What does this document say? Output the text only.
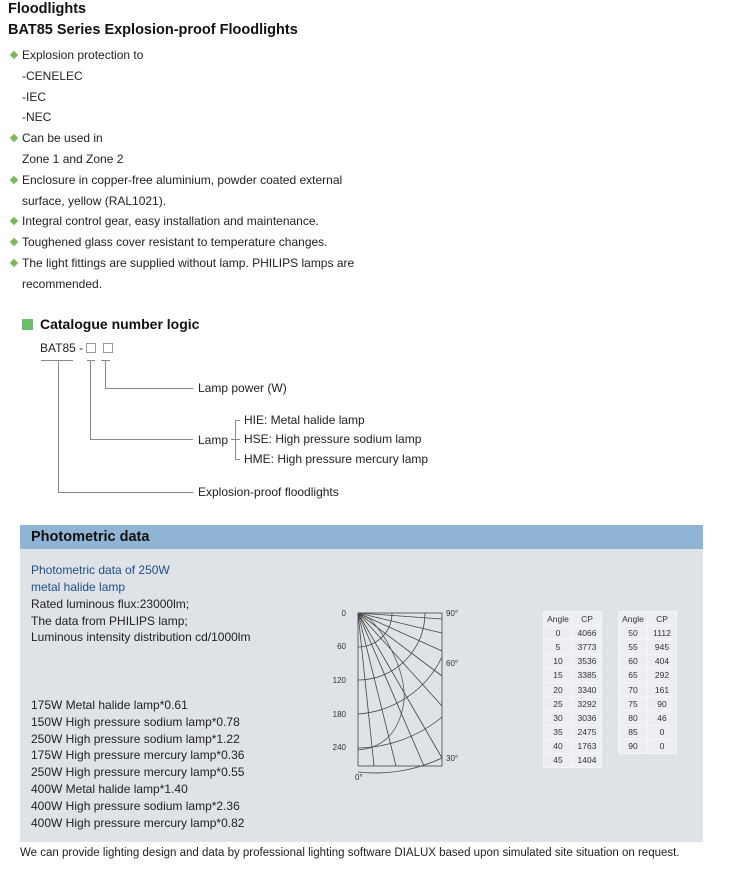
Floodlights
BAT85 Series Explosion-proof Floodlights
Explosion protection to
-CENELEC
-IEC
-NEC
Can be used in
Zone 1 and Zone 2
Enclosure in copper-free aluminium, powder coated external
surface, yellow (RAL1021).
Integral control gear, easy installation and maintenance.
Toughened glass cover resistant to temperature changes.
The light fittings are supplied without lamp. PHILIPS lamps are
recommended.
Catalogue number logic
BAT85 -
Lamp power (W)
Lamp
HIE: Metal halide lamp
HSE: High pressure sodium lamp
HME: High pressure mercury lamp
Explosion-proof floodlights
Photometric data
Photometric data of 250W
metal halide lamp
Rated luminous flux:23000lm;
The data from PHILIPS lamp;
Luminous intensity distribution cd/1000lm
175W Metal halide lamp*0.61
150W High pressure sodium lamp*0.78
250W High pressure sodium lamp*1.22
175W High pressure mercury lamp*0.36
250W High pressure mercury lamp*0.55
400W Metal halide lamp*1.40
400W High pressure sodium lamp*2.36
400W High pressure mercury lamp*0.82
0
60
120
180
240
90°
60°
30°
0°
Angle	CP
0	4066
5	3773
10	3536
15	3385
20	3340
25	3292
30	3036
35	2475
40	1763
45	1404
Angle	CP
50	1112
55	945
60	404
65	292
70	161
75	90
80	46
85	0
90	0
We can provide lighting design and data by professional lighting software DIALUX based upon simulated site situation on request.
